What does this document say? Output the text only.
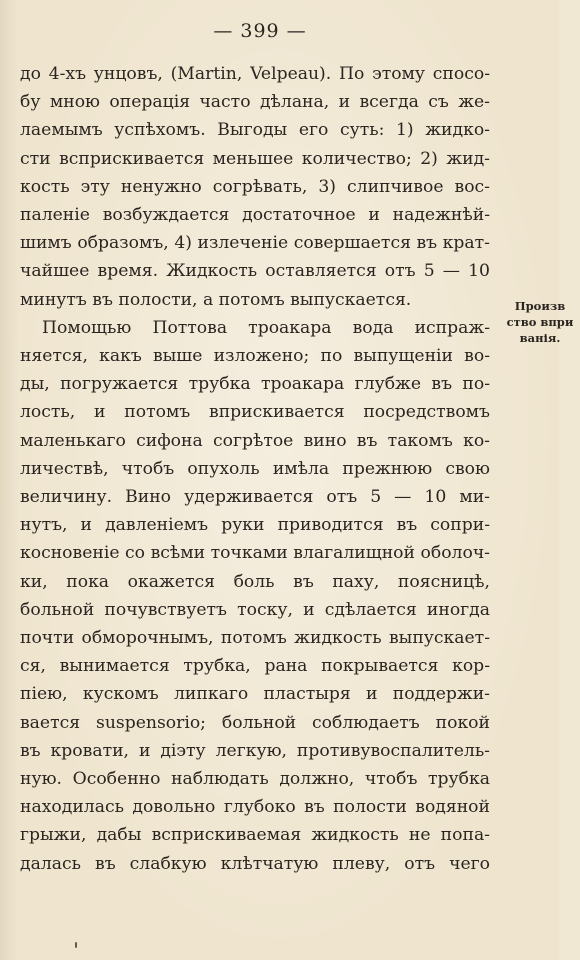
— 399 —
до 4-хъ унцовъ, (Martin, Velpeau). По этому спосо-
бу мною операція часто дѣлана, и всегда съ же-
лаемымъ успѣхомъ. Выгоды его суть: 1) жидко-
сти всприскивается меньшее количество; 2) жид-
кость эту ненужно согрѣвать, 3) слипчивое вос-
паленіе возбуждается достаточное и надежнѣй-
шимъ образомъ, 4) излеченіе совершается въ крат-
чайшее время. Жидкость оставляется отъ 5 — 10
минутъ въ полости, а потомъ выпускается.
Помощью Поттова троакара вода испраж-
няется, какъ выше изложено; по выпущеніи во-
ды, погружается трубка троакара глубже въ по-
лость, и потомъ вприскивается посредствомъ
маленькаго сифона согрѣтое вино въ такомъ ко-
личествѣ, чтобъ опухоль имѣла прежнюю свою
величину. Вино удерживается отъ 5 — 10 ми-
нутъ, и давленіемъ руки приводится въ сопри-
косновеніе со всѣми точками влагалищной оболоч-
ки, пока окажется боль въ паху, поясницѣ,
больной почувствуетъ тоску, и сдѣлается иногда
почти обморочнымъ, потомъ жидкость выпускает-
ся, вынимается трубка, рана покрывается кор-
піею, кускомъ липкаго пластыря и поддержи-
вается suspensorio; больной соблюдаетъ покой
въ кровати, и діэту легкую, противувоспалитель-
ную. Особенно наблюдать должно, чтобъ трубка
находилась довольно глубоко въ полости водяной
грыжи, дабы всприскиваемая жидкость не попа-
далась въ слабкую клѣтчатую плеву, отъ чего
Произв
ство впри
ванія.
